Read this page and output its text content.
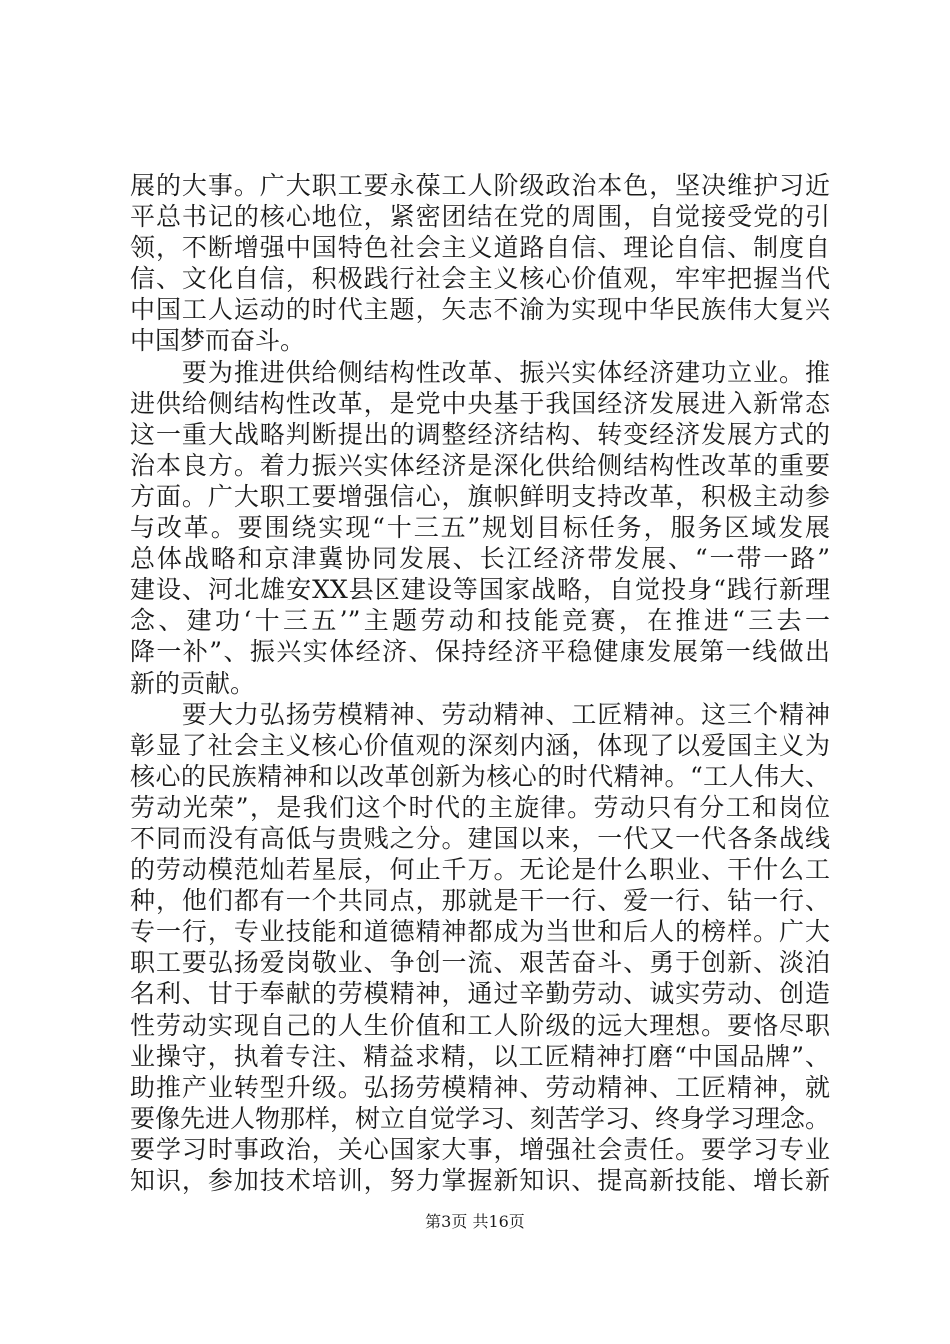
展的大事。广大职工要永葆工人阶级政治本色，坚决维护习近
平总书记的核心地位，紧密团结在党的周围，自觉接受党的引
领，不断增强中国特色社会主义道路自信、理论自信、制度自
信、文化自信，积极践行社会主义核心价值观，牢牢把握当代
中国工人运动的时代主题，矢志不渝为实现中华民族伟大复兴
中国梦而奋斗。
　　要为推进供给侧结构性改革、振兴实体经济建功立业。推
进供给侧结构性改革，是党中央基于我国经济发展进入新常态
这一重大战略判断提出的调整经济结构、转变经济发展方式的
治本良方。着力振兴实体经济是深化供给侧结构性改革的重要
方面。广大职工要增强信心，旗帜鲜明支持改革，积极主动参
与改革。要围绕实现“十三五”规划目标任务，服务区域发展
总体战略和京津冀协同发展、长江经济带发展、“一带一路”
建设、河北雄安XX县区建设等国家战略，自觉投身“践行新理
念、建功‘十三五’”主题劳动和技能竞赛，在推进“三去一
降一补”、振兴实体经济、保持经济平稳健康发展第一线做出
新的贡献。
　　要大力弘扬劳模精神、劳动精神、工匠精神。这三个精神
彰显了社会主义核心价值观的深刻内涵，体现了以爱国主义为
核心的民族精神和以改革创新为核心的时代精神。“工人伟大、
劳动光荣”，是我们这个时代的主旋律。劳动只有分工和岗位
不同而没有高低与贵贱之分。建国以来，一代又一代各条战线
的劳动模范灿若星辰，何止千万。无论是什么职业、干什么工
种，他们都有一个共同点，那就是干一行、爱一行、钻一行、
专一行，专业技能和道德精神都成为当世和后人的榜样。广大
职工要弘扬爱岗敬业、争创一流、艰苦奋斗、勇于创新、淡泊
名利、甘于奉献的劳模精神，通过辛勤劳动、诚实劳动、创造
性劳动实现自己的人生价值和工人阶级的远大理想。要恪尽职
业操守，执着专注、精益求精，以工匠精神打磨“中国品牌”、
助推产业转型升级。弘扬劳模精神、劳动精神、工匠精神，就
要像先进人物那样，树立自觉学习、刻苦学习、终身学习理念。
要学习时事政治，关心国家大事，增强社会责任。要学习专业
知识，参加技术培训，努力掌握新知识、提高新技能、增长新
第3页 共16页
